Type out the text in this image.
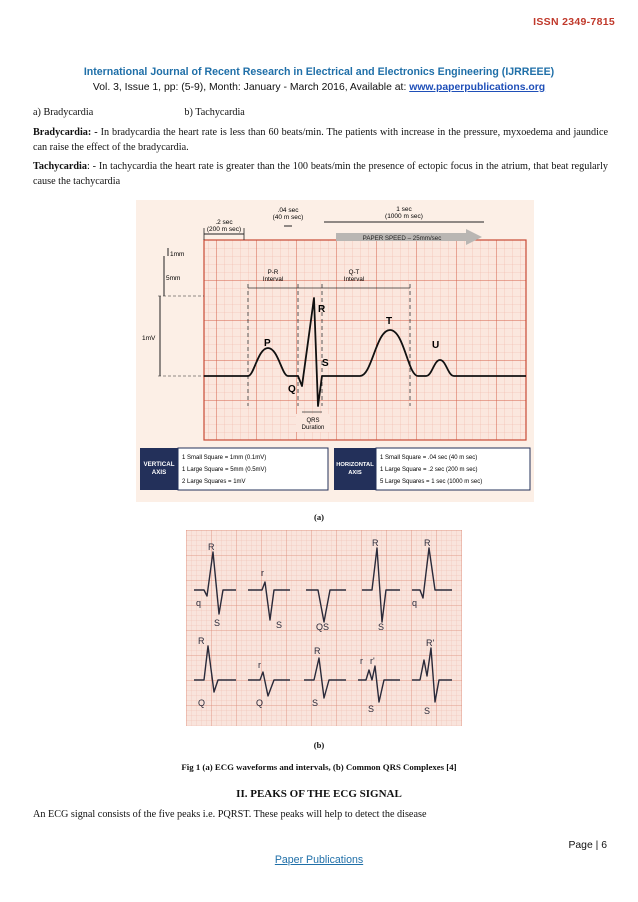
ISSN 2349-7815
International Journal of Recent Research in Electrical and Electronics Engineering (IJRREEE)
Vol. 3, Issue 1, pp: (5-9), Month: January - March 2016, Available at: www.paperpublications.org
a) Bradycardia	b) Tachycardia
Bradycardia: - In bradycardia the heart rate is less than 60 beats/min. The patients with increase in the pressure, myxoedema and jaundice can raise the effect of the bradycardia.
Tachycardia: - In tachycardia the heart rate is greater than the 100 beats/min the presence of ectopic focus in the atrium, that beat regularly cause the tachycardia
.2 sec
(200 m sec)
.04 sec
(40 m sec)
1 sec
(1000 m sec)
PAPER SPEED – 25mm/sec
1mm
5mm
1mV
P-R
Interval
Q-T
Interval
P
R
Q
S
T
U
QRS
Duration
VERTICAL
AXIS
1 Small Square = 1mm (0.1mV)
1 Large Square = 5mm (0.5mV)
2 Large Squares = 1mV
HORIZONTAL
AXIS
1 Small Square = .04 sec (40 m sec)
1 Large Square = .2 sec (200 m sec)
5 Large Squares = 1 sec (1000 m sec)
(a)
R
q
S
r
S	QS
R
S
R
q
R
Q
r
Q
R
S
r'
r
S
R'
S
(b)
Fig 1 (a) ECG waveforms and intervals, (b) Common QRS Complexes [4]
II. PEAKS OF THE ECG SIGNAL
An ECG signal consists of the five peaks i.e. PQRST. These peaks will help to detect the disease
Page | 6
Paper Publications
